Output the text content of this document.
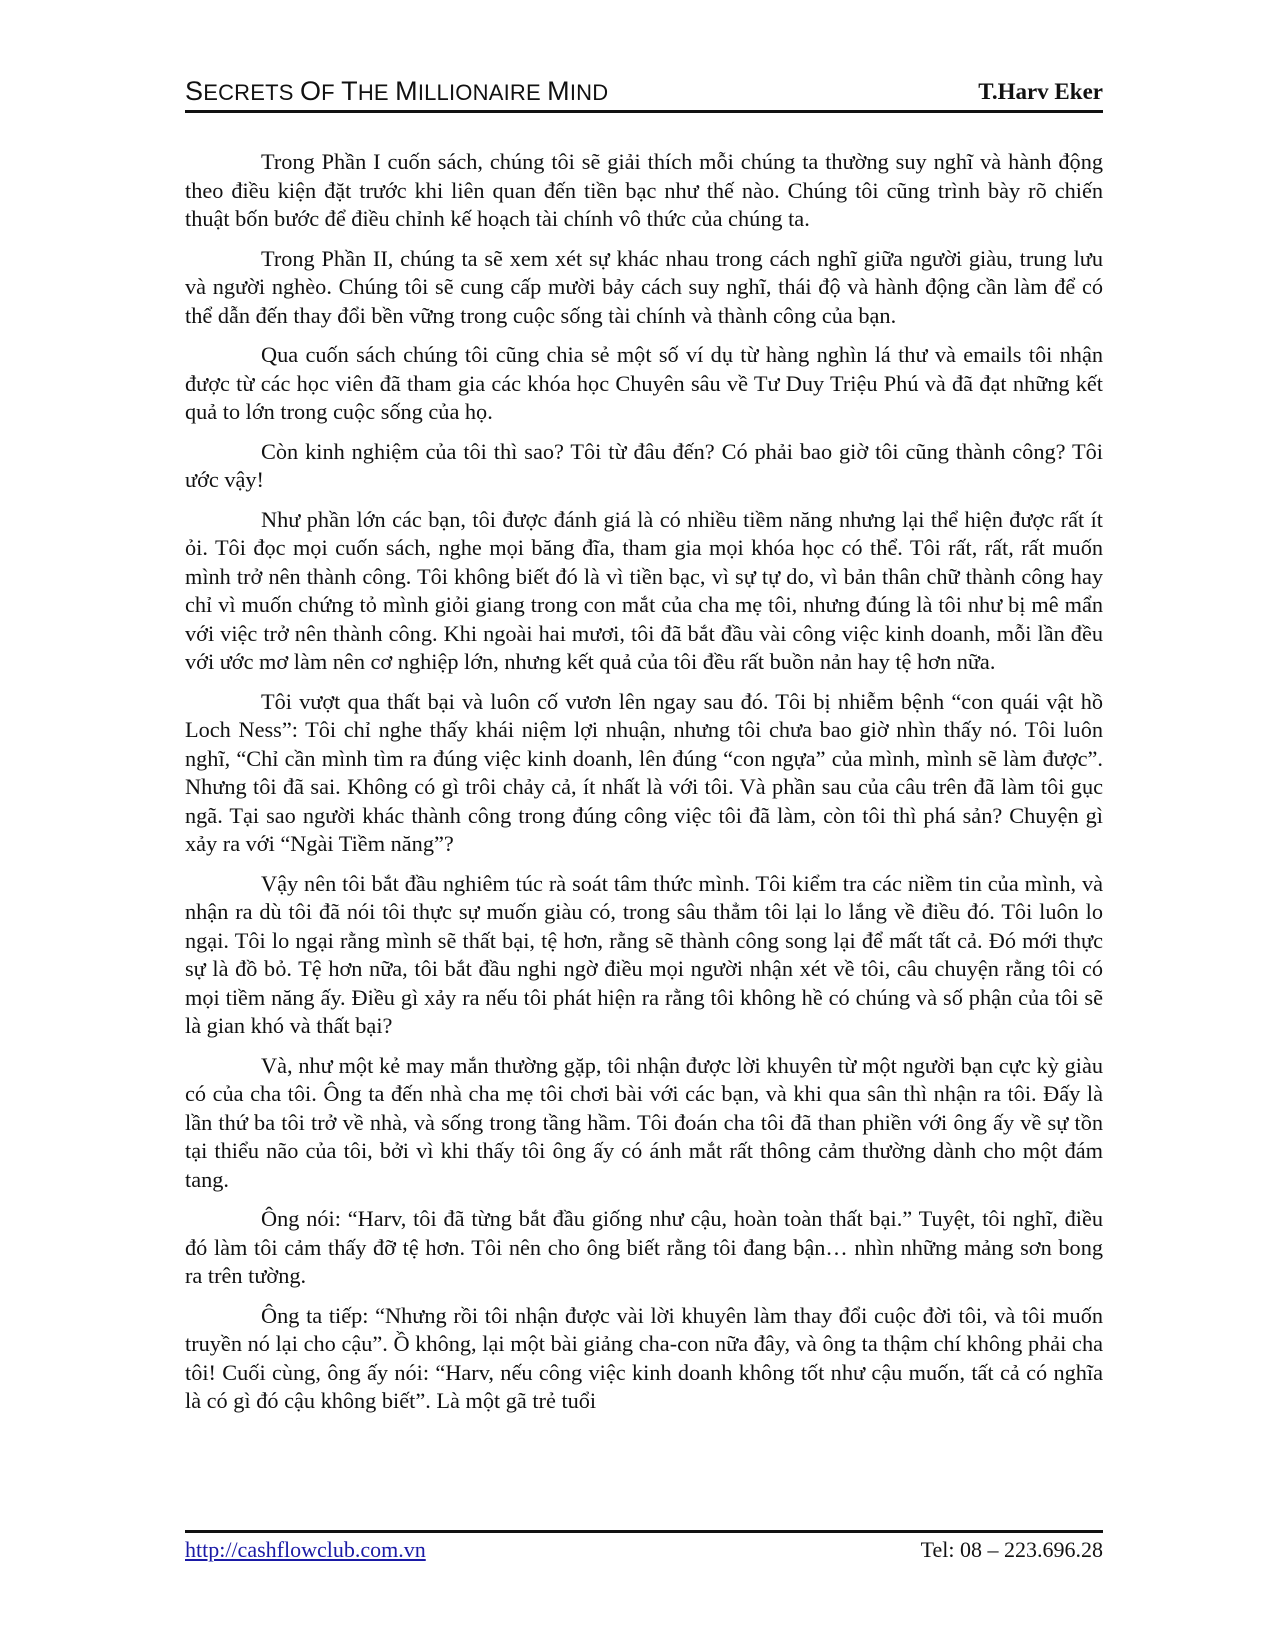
SECRETS OF THE MILLIONAIRE MIND	T.Harv Eker

Trong Phần I cuốn sách, chúng tôi sẽ giải thích mỗi chúng ta thường suy nghĩ và hành động theo điều kiện đặt trước khi liên quan đến tiền bạc như thế nào. Chúng tôi cũng trình bày rõ chiến thuật bốn bước để điều chỉnh kế hoạch tài chính vô thức của chúng ta.

Trong Phần II, chúng ta sẽ xem xét sự khác nhau trong cách nghĩ giữa người giàu, trung lưu và người nghèo. Chúng tôi sẽ cung cấp mười bảy cách suy nghĩ, thái độ và hành động cần làm để có thể dẫn đến thay đổi bền vững trong cuộc sống tài chính và thành công của bạn.

Qua cuốn sách chúng tôi cũng chia sẻ một số ví dụ từ hàng nghìn lá thư và emails tôi nhận được từ các học viên đã tham gia các khóa học Chuyên sâu về Tư Duy Triệu Phú và đã đạt những kết quả to lớn trong cuộc sống của họ.

Còn kinh nghiệm của tôi thì sao? Tôi từ đâu đến? Có phải bao giờ tôi cũng thành công? Tôi ước vậy!

Như phần lớn các bạn, tôi được đánh giá là có nhiều tiềm năng nhưng lại thể hiện được rất ít ỏi. Tôi đọc mọi cuốn sách, nghe mọi băng đĩa, tham gia mọi khóa học có thể. Tôi rất, rất, rất muốn mình trở nên thành công. Tôi không biết đó là vì tiền bạc, vì sự tự do, vì bản thân chữ thành công hay chỉ vì muốn chứng tỏ mình giỏi giang trong con mắt của cha mẹ tôi, nhưng đúng là tôi như bị mê mẩn với việc trở nên thành công. Khi ngoài hai mươi, tôi đã bắt đầu vài công việc kinh doanh, mỗi lần đều với ước mơ làm nên cơ nghiệp lớn, nhưng kết quả của tôi đều rất buồn nản hay tệ hơn nữa.

Tôi vượt qua thất bại và luôn cố vươn lên ngay sau đó. Tôi bị nhiễm bệnh “con quái vật hồ Loch Ness”: Tôi chỉ nghe thấy khái niệm lợi nhuận, nhưng tôi chưa bao giờ nhìn thấy nó. Tôi luôn nghĩ, “Chỉ cần mình tìm ra đúng việc kinh doanh, lên đúng “con ngựa” của mình, mình sẽ làm được”. Nhưng tôi đã sai. Không có gì trôi chảy cả, ít nhất là với tôi. Và phần sau của câu trên đã làm tôi gục ngã. Tại sao người khác thành công trong đúng công việc tôi đã làm, còn tôi thì phá sản? Chuyện gì xảy ra với “Ngài Tiềm năng”?

Vậy nên tôi bắt đầu nghiêm túc rà soát tâm thức mình. Tôi kiểm tra các niềm tin của mình, và nhận ra dù tôi đã nói tôi thực sự muốn giàu có, trong sâu thẳm tôi lại lo lắng về điều đó. Tôi luôn lo ngại. Tôi lo ngại rằng mình sẽ thất bại, tệ hơn, rằng sẽ thành công song lại để mất tất cả. Đó mới thực sự là đồ bỏ. Tệ hơn nữa, tôi bắt đầu nghi ngờ điều mọi người nhận xét về tôi, câu chuyện rằng tôi có mọi tiềm năng ấy. Điều gì xảy ra nếu tôi phát hiện ra rằng tôi không hề có chúng và số phận của tôi sẽ là gian khó và thất bại?

Và, như một kẻ may mắn thường gặp, tôi nhận được lời khuyên từ một người bạn cực kỳ giàu có của cha tôi. Ông ta đến nhà cha mẹ tôi chơi bài với các bạn, và khi qua sân thì nhận ra tôi. Đấy là lần thứ ba tôi trở về nhà, và sống trong tầng hầm. Tôi đoán cha tôi đã than phiền với ông ấy về sự tồn tại thiểu não của tôi, bởi vì khi thấy tôi ông ấy có ánh mắt rất thông cảm thường dành cho một đám tang.

Ông nói: “Harv, tôi đã từng bắt đầu giống như cậu, hoàn toàn thất bại.” Tuyệt, tôi nghĩ, điều đó làm tôi cảm thấy đỡ tệ hơn. Tôi nên cho ông biết rằng tôi đang bận… nhìn những mảng sơn bong ra trên tường.

Ông ta tiếp: “Nhưng rồi tôi nhận được vài lời khuyên làm thay đổi cuộc đời tôi, và tôi muốn truyền nó lại cho cậu”. Ồ không, lại một bài giảng cha-con nữa đây, và ông ta thậm chí không phải cha tôi! Cuối cùng, ông ấy nói: “Harv, nếu công việc kinh doanh không tốt như cậu muốn, tất cả có nghĩa là có gì đó cậu không biết”. Là một gã trẻ tuổi

http://cashflowclub.com.vn	Tel: 08 – 223.696.28
